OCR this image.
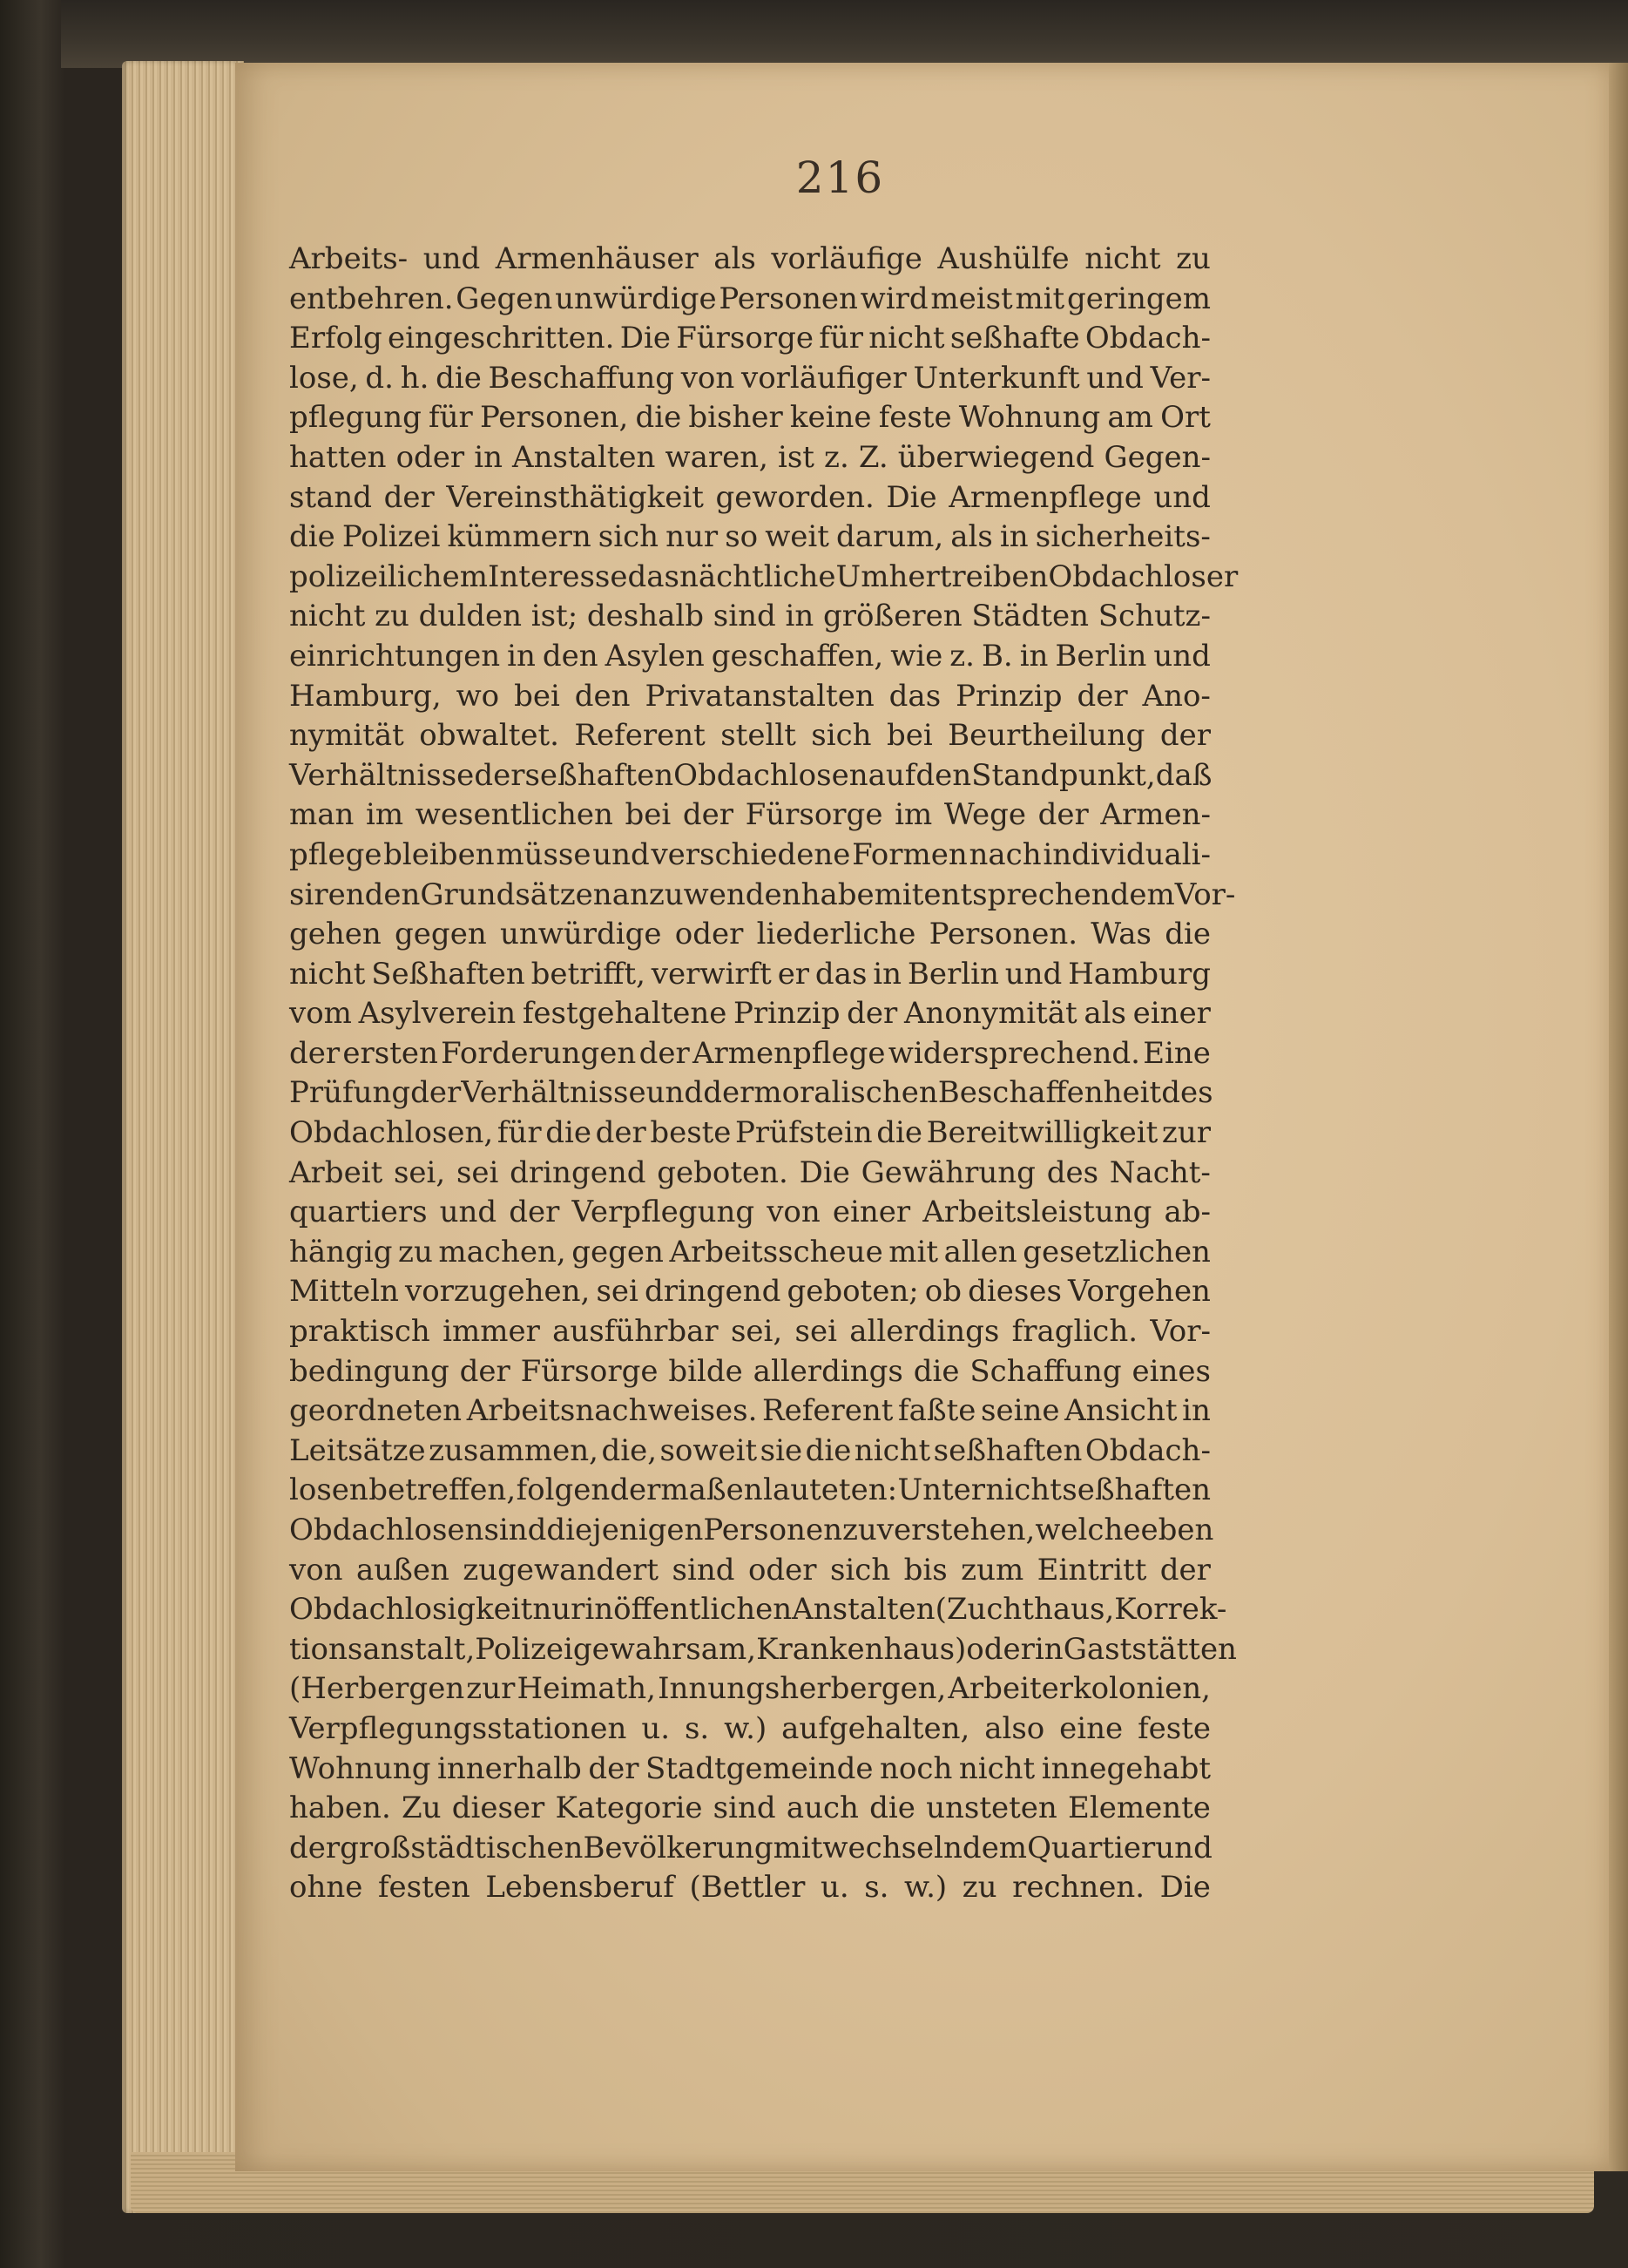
216
Arbeits- und Armenhäuser als vorläufige Aushülfe nicht zu
entbehren. Gegen unwürdige Personen wird meist mit geringem
Erfolg eingeschritten. Die Fürsorge für nicht seßhafte Obdach-
lose, d. h. die Beschaffung von vorläufiger Unterkunft und Ver-
pflegung für Personen, die bisher keine feste Wohnung am Ort
hatten oder in Anstalten waren, ist z. Z. überwiegend Gegen-
stand der Vereinsthätigkeit geworden. Die Armenpflege und
die Polizei kümmern sich nur so weit darum, als in sicherheits-
polizeilichem Interesse das nächtliche Umhertreiben Obdachloser
nicht zu dulden ist; deshalb sind in größeren Städten Schutz-
einrichtungen in den Asylen geschaffen, wie z. B. in Berlin und
Hamburg, wo bei den Privatanstalten das Prinzip der Ano-
nymität obwaltet. Referent stellt sich bei Beurtheilung der
Verhältnisse der seßhaften Obdachlosen auf den Standpunkt, daß
man im wesentlichen bei der Fürsorge im Wege der Armen-
pflege bleiben müsse und verschiedene Formen nach individuali-
sirenden Grundsätzen anzuwenden habe mit entsprechendem Vor-
gehen gegen unwürdige oder liederliche Personen. Was die
nicht Seßhaften betrifft, verwirft er das in Berlin und Hamburg
vom Asylverein festgehaltene Prinzip der Anonymität als einer
der ersten Forderungen der Armenpflege widersprechend. Eine
Prüfung der Verhältnisse und der moralischen Beschaffenheit des
Obdachlosen, für die der beste Prüfstein die Bereitwilligkeit zur
Arbeit sei, sei dringend geboten. Die Gewährung des Nacht-
quartiers und der Verpflegung von einer Arbeitsleistung ab-
hängig zu machen, gegen Arbeitsscheue mit allen gesetzlichen
Mitteln vorzugehen, sei dringend geboten; ob dieses Vorgehen
praktisch immer ausführbar sei, sei allerdings fraglich. Vor-
bedingung der Fürsorge bilde allerdings die Schaffung eines
geordneten Arbeitsnachweises. Referent faßte seine Ansicht in
Leitsätze zusammen, die, soweit sie die nicht seßhaften Obdach-
losen betreffen, folgendermaßen lauteten: Unter nicht seßhaften
Obdachlosen sind diejenigen Personen zu verstehen, welche eben
von außen zugewandert sind oder sich bis zum Eintritt der
Obdachlosigkeit nur in öffentlichen Anstalten (Zuchthaus, Korrek-
tionsanstalt, Polizeigewahrsam, Krankenhaus) oder in Gaststätten
(Herbergen zur Heimath, Innungsherbergen, Arbeiterkolonien,
Verpflegungsstationen u. s. w.) aufgehalten, also eine feste
Wohnung innerhalb der Stadtgemeinde noch nicht innegehabt
haben. Zu dieser Kategorie sind auch die unsteten Elemente
der großstädtischen Bevölkerung mit wechselndem Quartier und
ohne festen Lebensberuf (Bettler u. s. w.) zu rechnen. Die
